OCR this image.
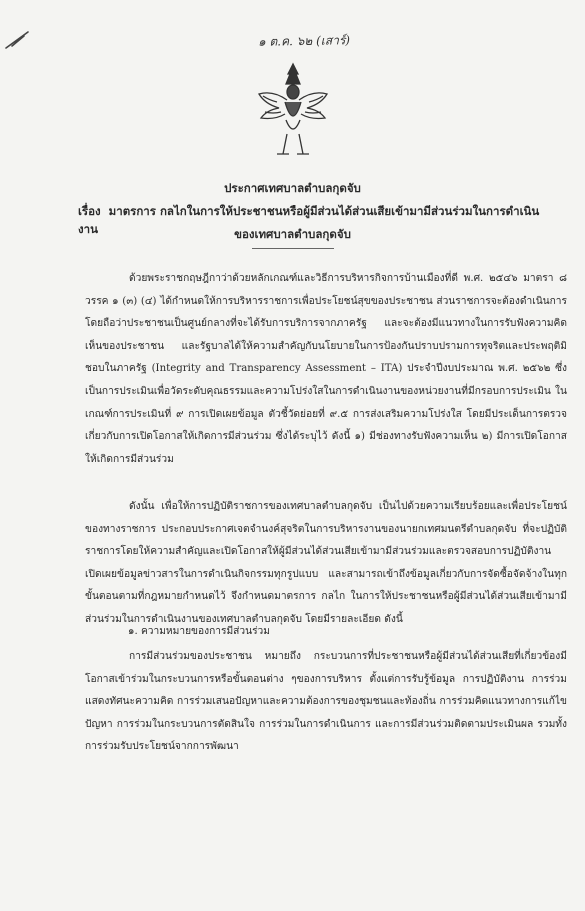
๑ ต.ค. ๖๒ (เสาร์)
ประกาศเทศบาลตำบลกุดจับ
เรื่อง มาตรการ กลไกในการให้ประชาชนหรือผู้มีส่วนได้ส่วนเสียเข้ามามีส่วนร่วมในการดำเนินงาน	ของเทศบาลตำบลกุดจับ
ด้วยพระราชกฤษฎีกาว่าด้วยหลักเกณฑ์และวิธีการบริหารกิจการบ้านเมืองที่ดี พ.ศ. ๒๕๔๖ มาตรา ๘ วรรค ๑ (๓) (๔) ได้กำหนดให้การบริหารราชการเพื่อประโยชน์สุขของประชาชน ส่วนราชการจะต้องดำเนินการโดยถือว่าประชาชนเป็นศูนย์กลางที่จะได้รับการบริการจากภาครัฐ และจะต้องมีแนวทางในการรับฟังความคิดเห็นของประชาชน และรัฐบาลได้ให้ความสำคัญกับนโยบายในการป้องกันปราบปรามการทุจริตและประพฤติมิชอบในภาครัฐ (Integrity and Transparency Assessment – ITA) ประจำปีงบประมาณ พ.ศ. ๒๕๖๒ ซึ่งเป็นการประเมินเพื่อวัดระดับคุณธรรมและความโปร่งใสในการดำเนินงานของหน่วยงานที่มีกรอบการประเมิน ในเกณฑ์การประเมินที่ ๙ การเปิดเผยข้อมูล ตัวชี้วัดย่อยที่ ๙.๕ การส่งเสริมความโปร่งใส โดยมีประเด็นการตรวจ เกี่ยวกับการเปิดโอกาสให้เกิดการมีส่วนร่วม ซึ่งได้ระบุไว้ ดังนี้ ๑) มีช่องทางรับฟังความเห็น ๒) มีการเปิดโอกาส ให้เกิดการมีส่วนร่วม
ดังนั้น เพื่อให้การปฏิบัติราชการของเทศบาลตำบลกุดจับ เป็นไปด้วยความเรียบร้อยและเพื่อประโยชน์ของทางราชการ ประกอบประกาศเจตจำนงค์สุจริตในการบริหารงานของนายกเทศมนตรีตำบลกุดจับ ที่จะปฏิบัติราชการโดยให้ความสำคัญและเปิดโอกาสให้ผู้มีส่วนได้ส่วนเสียเข้ามามีส่วนร่วมและตรวจสอบการปฏิบัติงาน เปิดเผยข้อมูลข่าวสารในการดำเนินกิจกรรมทุกรูปแบบ และสามารถเข้าถึงข้อมูลเกี่ยวกับการจัดซื้อจัดจ้างในทุกขั้นตอนตามที่กฎหมายกำหนดไว้ จึงกำหนดมาตรการ กลไก ในการให้ประชาชนหรือผู้มีส่วนได้ส่วนเสียเข้ามามีส่วนร่วมในการดำเนินงานของเทศบาลตำบลกุดจับ โดยมีรายละเอียด ดังนี้
๑. ความหมายของการมีส่วนร่วม
การมีส่วนร่วมของประชาชน หมายถึง กระบวนการที่ประชาชนหรือผู้มีส่วนได้ส่วนเสียที่เกี่ยวข้องมีโอกาสเข้าร่วมในกระบวนการหรือขั้นตอนต่าง ๆของการบริหาร ตั้งแต่การรับรู้ข้อมูล การปฏิบัติงาน การร่วมแสดงทัศนะความคิด การร่วมเสนอปัญหาและความต้องการของชุมชนและท้องถิ่น การร่วมคิดแนวทางการแก้ไขปัญหา การร่วมในกระบวนการตัดสินใจ การร่วมในการดำเนินการ และการมีส่วนร่วมติดตามประเมินผล รวมทั้งการร่วมรับประโยชน์จากการพัฒนา
